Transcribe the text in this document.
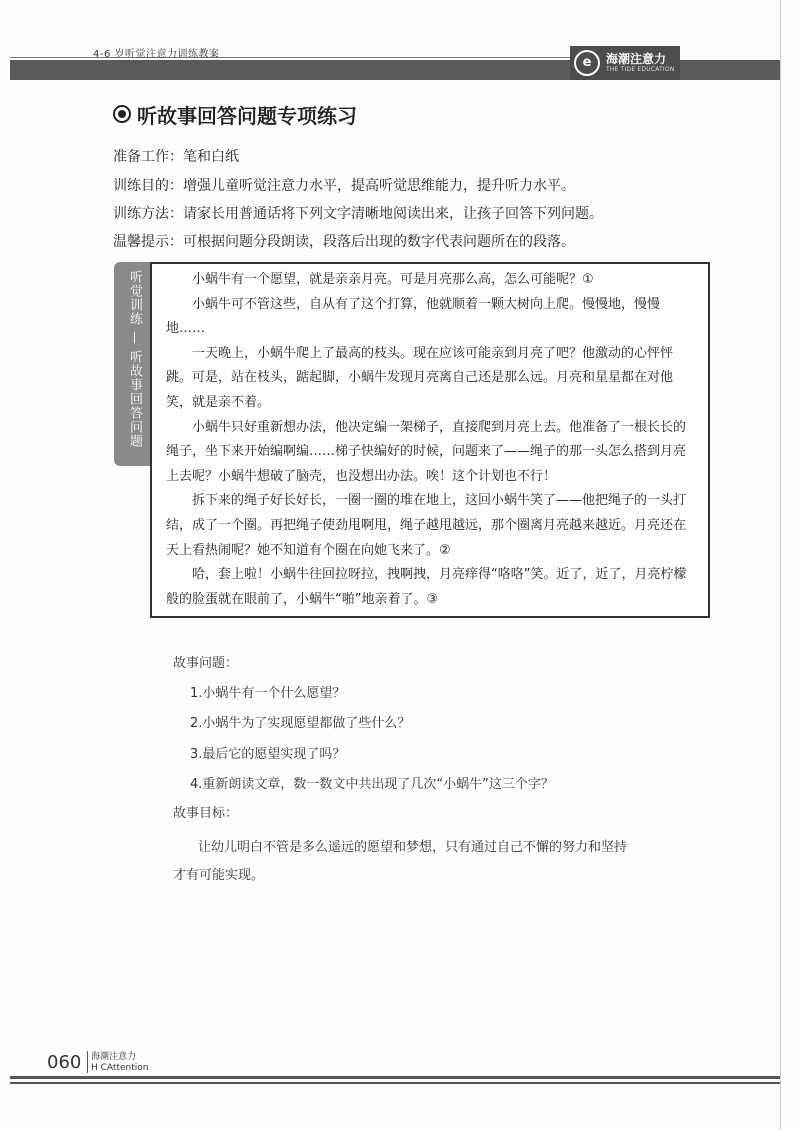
4-6 岁听觉注意力训练教案
e	海潮注意力
THE TIDE EDUCATION
听故事回答问题专项练习
准备工作：笔和白纸
训练目的：增强儿童听觉注意力水平，提高听觉思维能力，提升听力水平。
训练方法：请家长用普通话将下列文字清晰地阅读出来，让孩子回答下列问题。
温馨提示：可根据问题分段朗读，段落后出现的数字代表问题所在的段落。
听觉训练 — 听故事回答问题	小蜗牛有一个愿望，就是亲亲月亮。可是月亮那么高，怎么可能呢？①

小蜗牛可不管这些，自从有了这个打算，他就顺着一颗大树向上爬。慢慢地，慢慢地……

一天晚上，小蜗牛爬上了最高的枝头。现在应该可能亲到月亮了吧？他激动的心怦怦跳。可是，站在枝头，踮起脚，小蜗牛发现月亮离自己还是那么远。月亮和星星都在对他笑，就是亲不着。

小蜗牛只好重新想办法，他决定编一架梯子，直接爬到月亮上去。他准备了一根长长的绳子，坐下来开始编啊编……梯子快编好的时候，问题来了——绳子的那一头怎么搭到月亮上去呢？小蜗牛想破了脑壳，也没想出办法。唉！这个计划也不行！

拆下来的绳子好长好长，一圈一圈的堆在地上，这回小蜗牛笑了——他把绳子的一头打结，成了一个圈。再把绳子使劲甩啊甩，绳子越甩越远，那个圈离月亮越来越近。月亮还在天上看热闹呢？她不知道有个圈在向她飞来了。②

哈，套上啦！小蜗牛往回拉呀拉，拽啊拽，月亮痒得“咯咯”笑。近了，近了，月亮柠檬般的脸蛋就在眼前了，小蜗牛“啪”地亲着了。③

故事问题：
1.小蜗牛有一个什么愿望？
2.小蜗牛为了实现愿望都做了些什么？
3.最后它的愿望实现了吗？
4.重新朗读文章，数一数文中共出现了几次“小蜗牛”这三个字？
故事目标：
让幼儿明白不管是多么遥远的愿望和梦想，只有通过自己不懈的努力和坚持
才有可能实现。
060 海潮注意力
H CAttention
